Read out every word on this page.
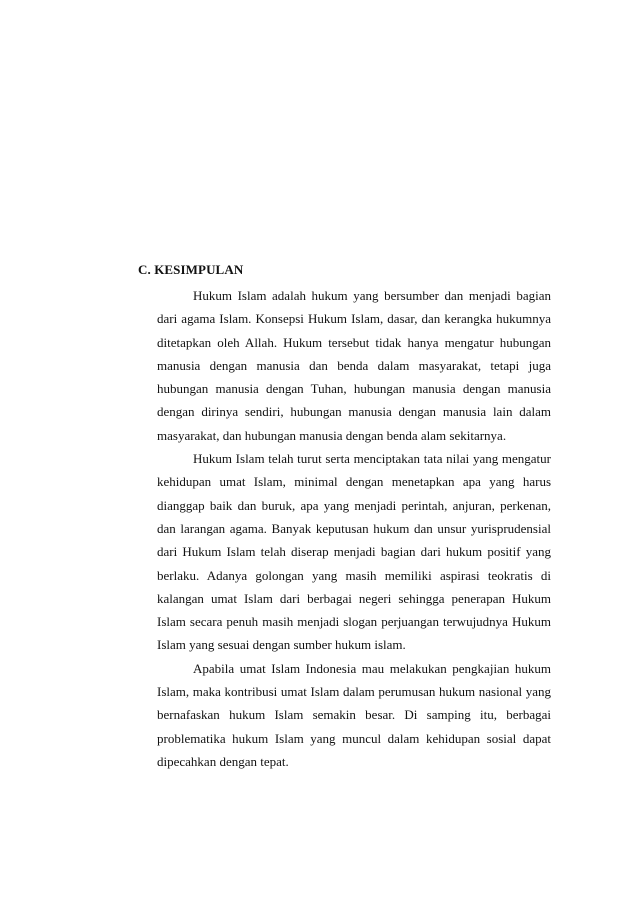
C. KESIMPULAN

Hukum Islam adalah hukum yang bersumber dan menjadi bagian dari agama Islam. Konsepsi Hukum Islam, dasar, dan kerangka hukumnya ditetapkan oleh Allah. Hukum tersebut tidak hanya mengatur hubungan manusia dengan manusia dan benda dalam masyarakat, tetapi juga hubungan manusia dengan Tuhan, hubungan manusia dengan manusia dengan dirinya sendiri, hubungan manusia dengan manusia lain dalam masyarakat, dan hubungan manusia dengan benda alam sekitarnya.

Hukum Islam telah turut serta menciptakan tata nilai yang mengatur kehidupan umat Islam, minimal dengan menetapkan apa yang harus dianggap baik dan buruk, apa yang menjadi perintah, anjuran, perkenan, dan larangan agama. Banyak keputusan hukum dan unsur yurisprudensial dari Hukum Islam telah diserap menjadi bagian dari hukum positif yang berlaku. Adanya golongan yang masih memiliki aspirasi teokratis di kalangan umat Islam dari berbagai negeri sehingga penerapan Hukum Islam secara penuh masih menjadi slogan perjuangan terwujudnya Hukum Islam yang sesuai dengan sumber hukum islam.

Apabila umat Islam Indonesia mau melakukan pengkajian hukum Islam, maka kontribusi umat Islam dalam perumusan hukum nasional yang bernafaskan hukum Islam semakin besar. Di samping itu, berbagai problematika hukum Islam yang muncul dalam kehidupan sosial dapat dipecahkan dengan tepat.
